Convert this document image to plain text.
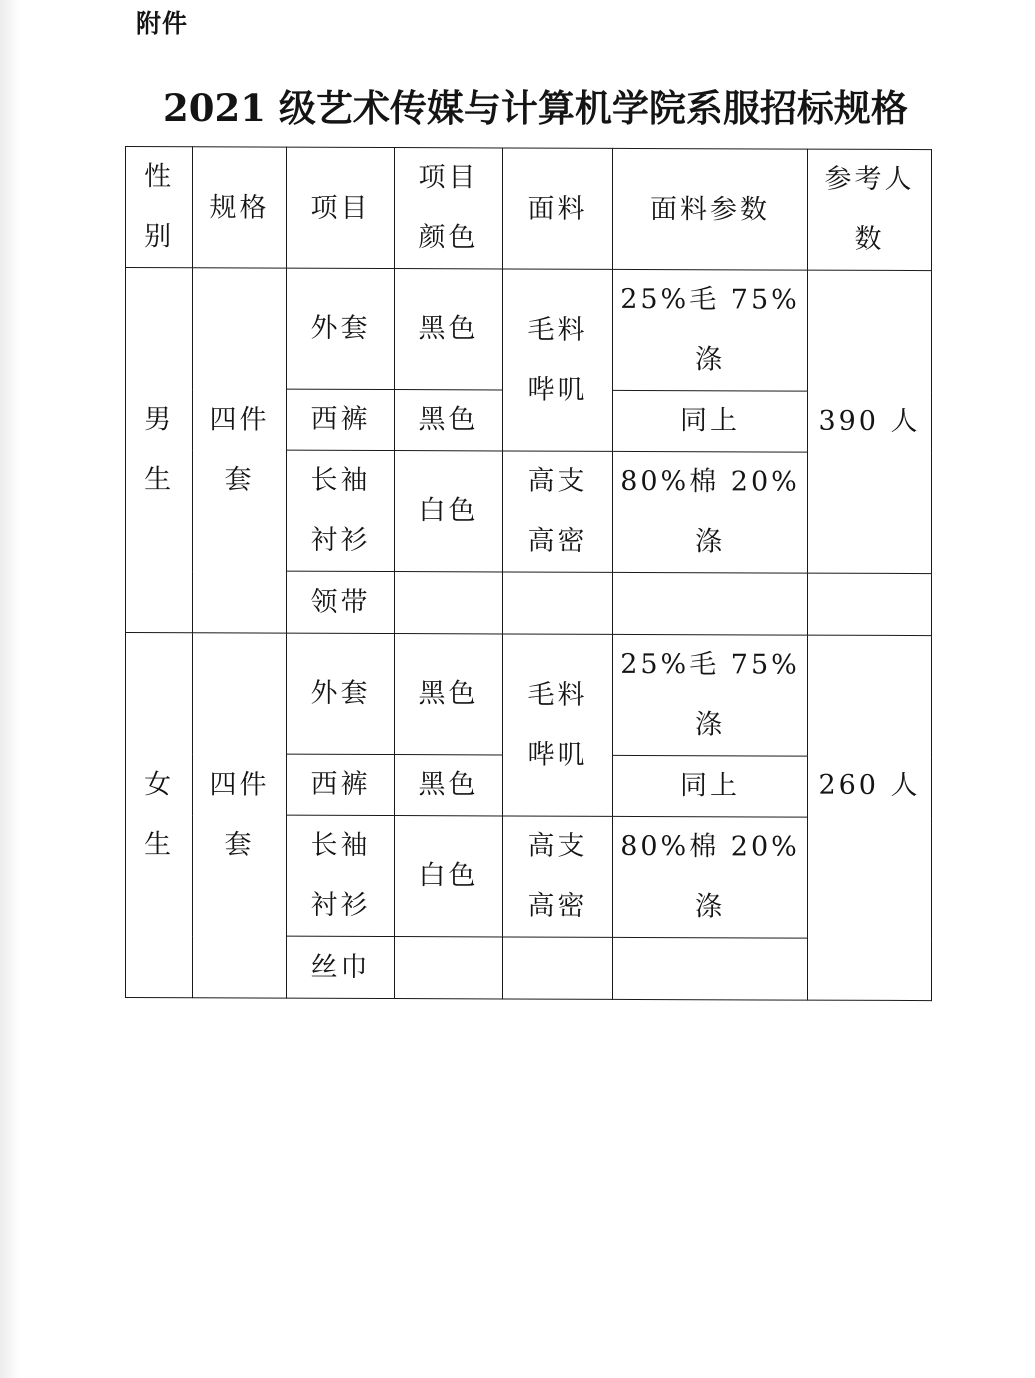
附件
2021 级艺术传媒与计算机学院系服招标规格
性别	规格	项目	项目颜色	面料	面料参数	参考人数
男生	四件套	外套	黑色	毛料哔叽	25%毛 75%涤	390 人
		西裤	黑色		同上	
		长袖衬衫	白色	高支高密	80%棉 20%涤	
		领带				
女生	四件套	外套	黑色	毛料哔叽	25%毛 75%涤	260 人
		西裤	黑色		同上	
		长袖衬衫	白色	高支高密	80%棉 20%涤	
		丝巾				
